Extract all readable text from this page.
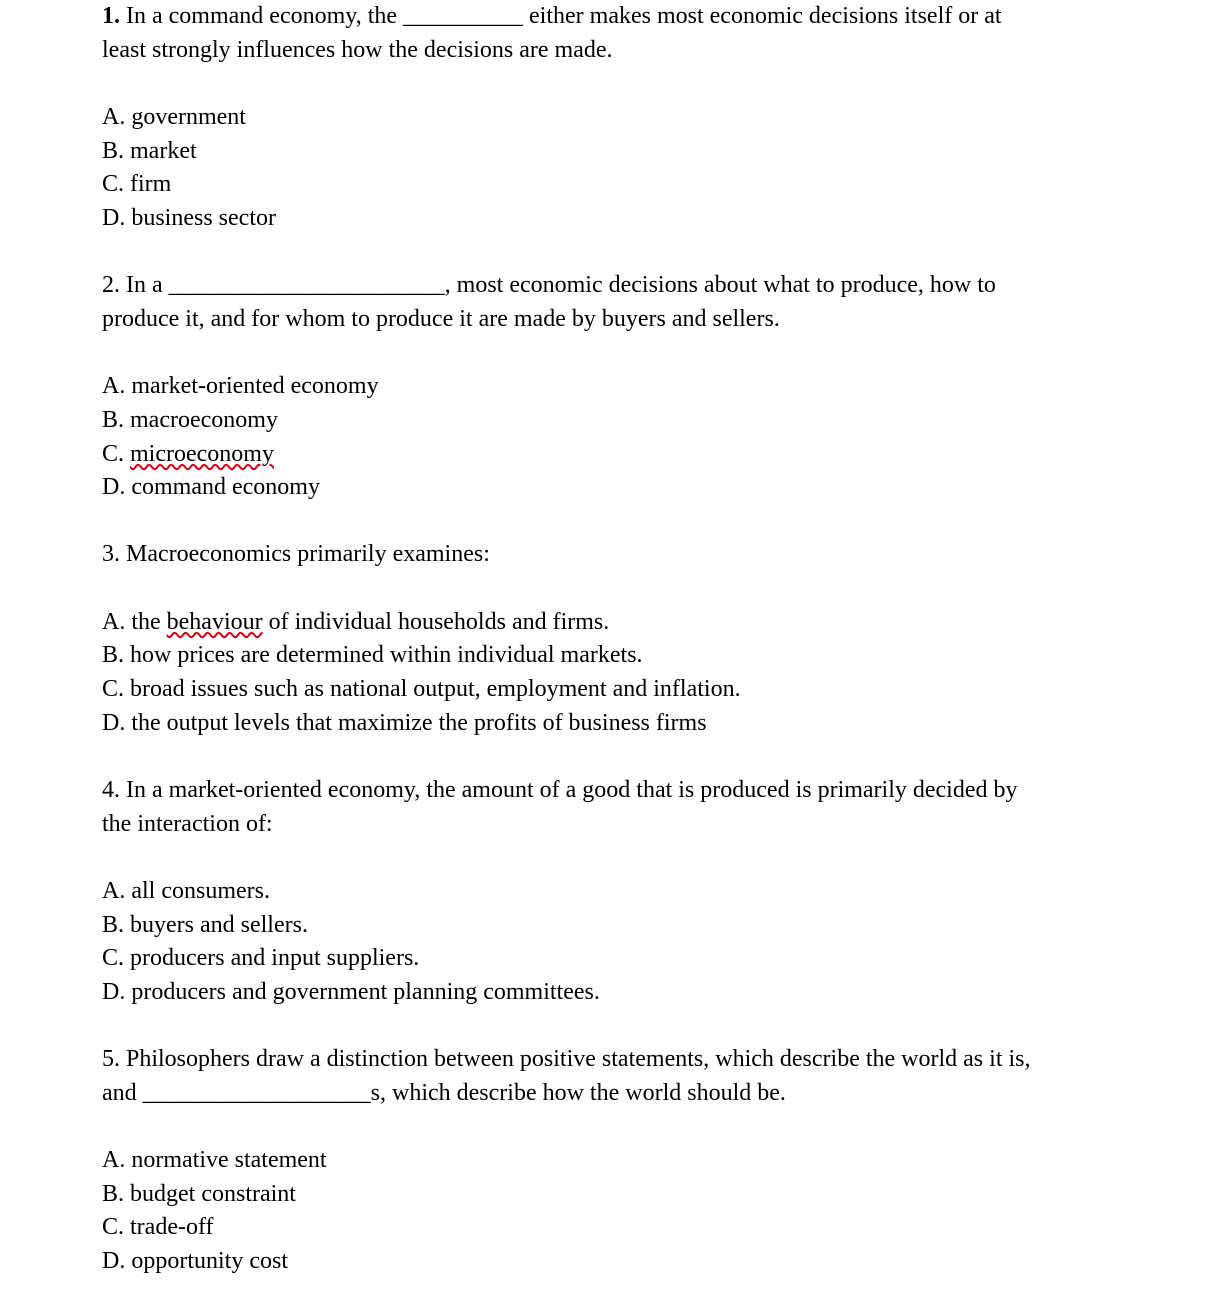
1. In a command economy, the __________ either makes most economic decisions itself or at
least strongly influences how the decisions are made.
A. government
B. market
C. firm
D. business sector
2. In a _______________________, most economic decisions about what to produce, how to
produce it, and for whom to produce it are made by buyers and sellers.
A. market-oriented economy
B. macroeconomy
C. microeconomy
D. command economy
3. Macroeconomics primarily examines:
A. the behaviour of individual households and firms.
B. how prices are determined within individual markets.
C. broad issues such as national output, employment and inflation.
D. the output levels that maximize the profits of business firms
4. In a market-oriented economy, the amount of a good that is produced is primarily decided by
the interaction of:
A. all consumers.
B. buyers and sellers.
C. producers and input suppliers.
D. producers and government planning committees.
5. Philosophers draw a distinction between positive statements, which describe the world as it is,
and ___________________s, which describe how the world should be.
A. normative statement
B. budget constraint
C. trade-off
D. opportunity cost
